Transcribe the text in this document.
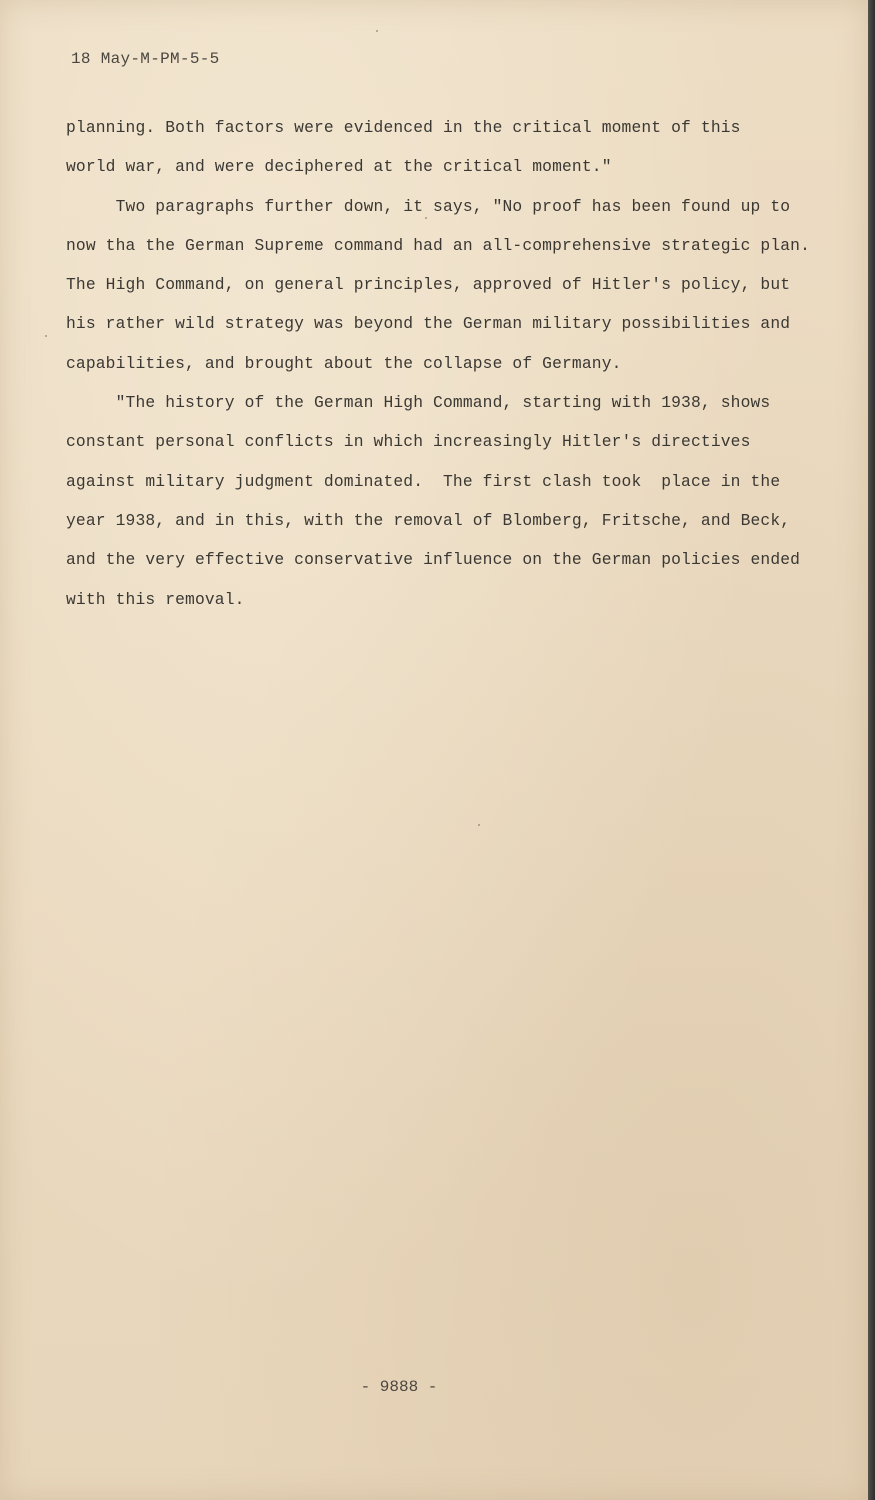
18 May-M-PM-5-5
planning. Both factors were evidenced in the critical moment of this
world war, and were deciphered at the critical moment."
Two paragraphs further down, it says, "No proof has been found up to
now tha the German Supreme command had an all-comprehensive strategic plan.
The High Command, on general principles, approved of Hitler's policy, but
his rather wild strategy was beyond the German military possibilities and
capabilities, and brought about the collapse of Germany.
"The history of the German High Command, starting with 1938, shows
constant personal conflicts in which increasingly Hitler's directives
against military judgment dominated.  The first clash took  place in the
year 1938, and in this, with the removal of Blomberg, Fritsche, and Beck,
and the very effective conservative influence on the German policies ended
with this removal.
- 9888 -
